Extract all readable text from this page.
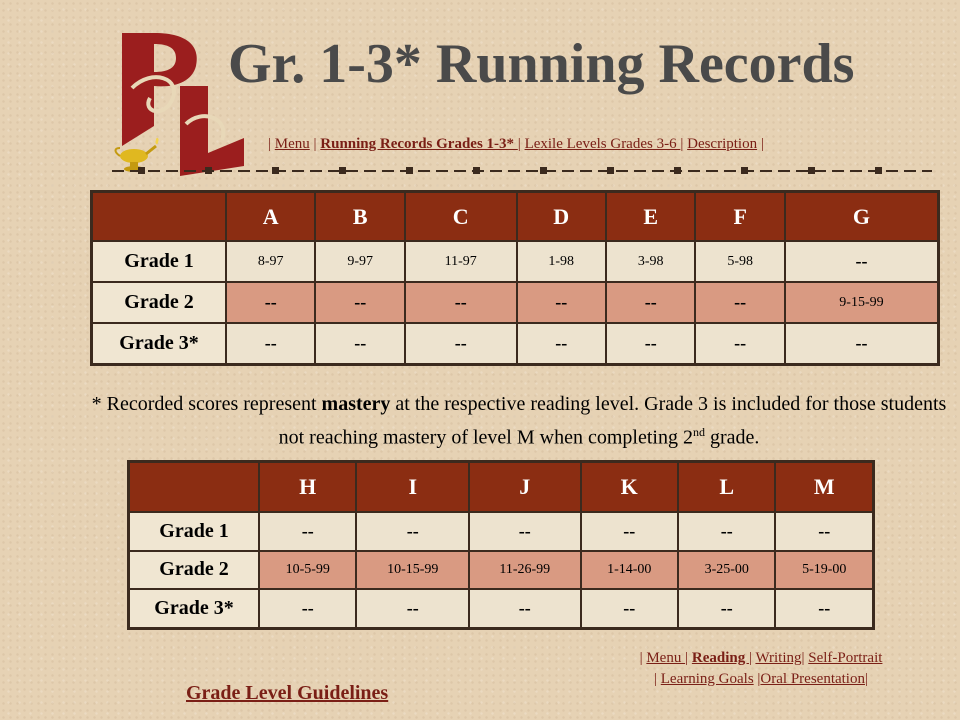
Gr. 1-3* Running Records
| Menu | Running Records Grades 1-3* | Lexile Levels Grades 3-6 | Description |
	A	B	C	D	E	F	G
Grade 1	8-97	9-97	11-97	1-98	3-98	5-98	--
Grade 2	--	--	--	--	--	--	9-15-99
Grade 3*	--	--	--	--	--	--	--
* Recorded scores represent mastery at the respective reading level. Grade 3 is included for those students not reaching mastery of level M when completing 2nd grade.
	H	I	J	K	L	M
Grade 1	--	--	--	--	--	--
Grade 2	10-5-99	10-15-99	11-26-99	1-14-00	3-25-00	5-19-00
Grade 3*	--	--	--	--	--	--
| Menu | Reading | Writing| Self-Portrait
| Learning Goals |Oral Presentation|
Grade Level Guidelines
